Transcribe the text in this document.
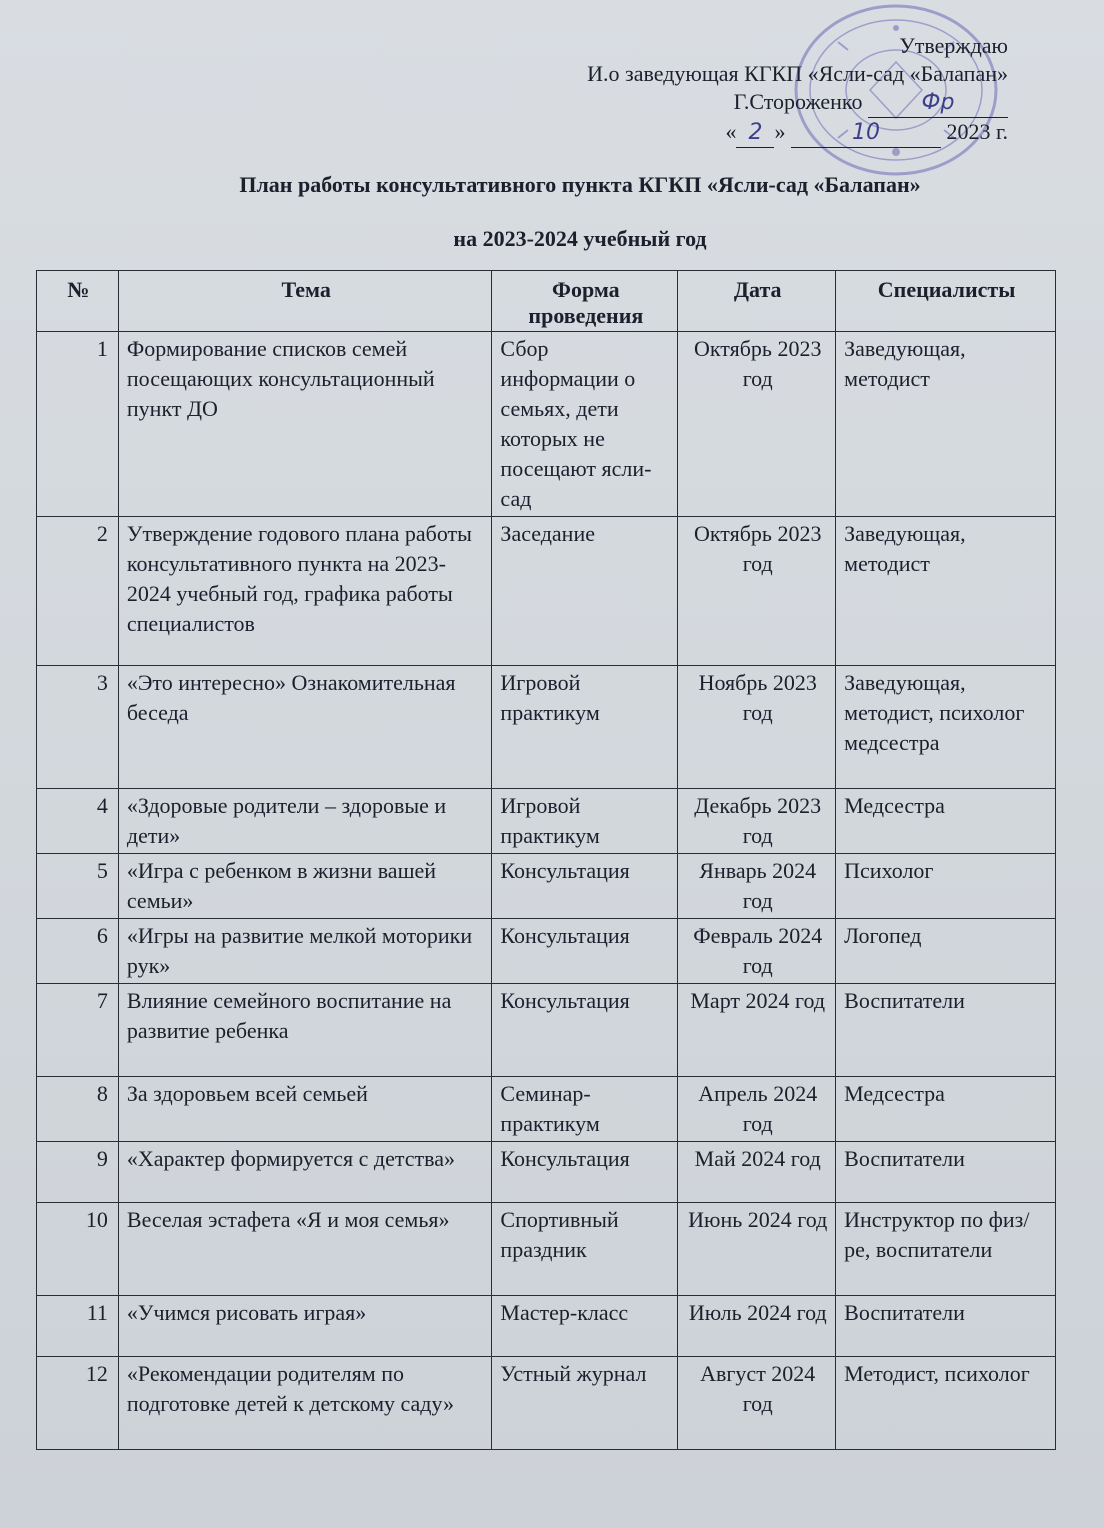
Утверждаю
И.о заведующая КГКП «Ясли-сад «Балапан»
Г.Стороженко	Фр
« 2 »	10	2023 г.
План работы консультативного пункта КГКП «Ясли-сад «Балапан»
на 2023-2024 учебный год
№	Тема	Форма проведения	Дата	Специалисты
1	Формирование списков семей посещающих консультационный пункт ДО	Сбор информации о семьях, дети которых не посещают ясли-сад	Октябрь 2023 год	Заведующая, методист
2	Утверждение годового плана работы консультативного пункта на 2023-2024 учебный год, графика работы специалистов	Заседание	Октябрь 2023 год	Заведующая, методист
3	«Это интересно» Ознакомительная беседа	Игровой практикум	Ноябрь 2023 год	Заведующая, методист, психолог медсестра
4	«Здоровые родители – здоровые и дети»	Игровой практикум	Декабрь 2023 год	Медсестра
5	«Игра с ребенком в жизни вашей семьи»	Консультация	Январь 2024 год	Психолог
6	«Игры на развитие мелкой моторики рук»	Консультация	Февраль 2024 год	Логопед
7	Влияние семейного воспитание на развитие ребенка	Консультация	Март 2024 год	Воспитатели
8	За здоровьем всей семьей	Семинар-практикум	Апрель 2024 год	Медсестра
9	«Характер формируется с детства»	Консультация	Май 2024 год	Воспитатели
10	Веселая эстафета «Я и моя семья»	Спортивный праздник	Июнь 2024 год	Инструктор по физ/ре, воспитатели
11	«Учимся рисовать играя»	Мастер-класс	Июль 2024 год	Воспитатели
12	«Рекомендации родителям по подготовке детей к детскому саду»	Устный журнал	Август 2024 год	Методист, психолог
